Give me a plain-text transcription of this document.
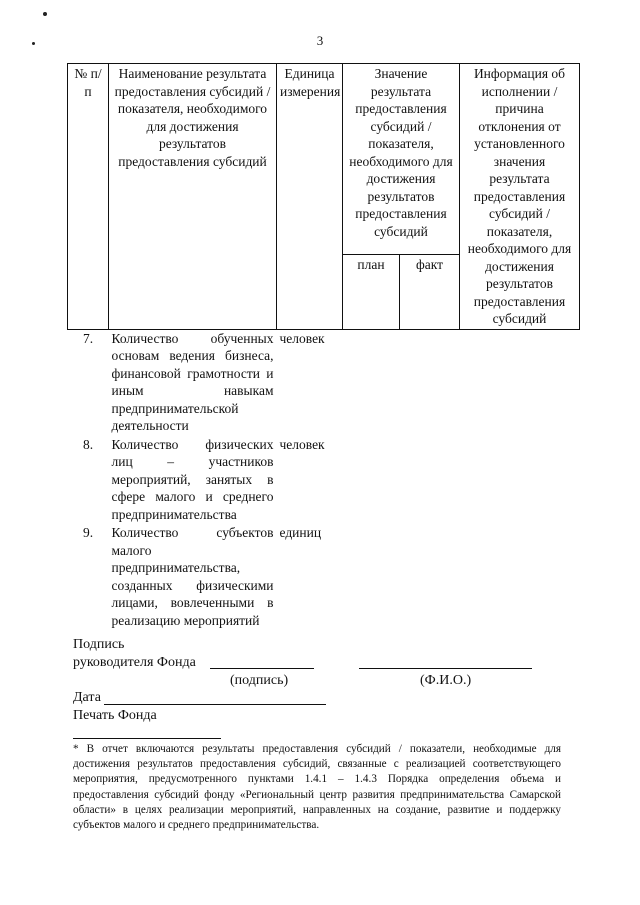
3
№ п/п	Наименование результата предоставления субсидий / показателя, необходимого для достижения результатов предоставления субсидий	Единица измерения	Значение результата предоставления субсидий / показателя, необходимого для достижения результатов предоставления субсидий		Информация об исполнении / причина отклонения от установленного значения результата предоставления субсидий / показателя, необходимого для достижения результатов предоставления субсидий
			план	факт	
7.	Количество обученных основам ведения бизнеса, финансовой грамотности и иным навыкам предпринимательской деятельности	человек			
8.	Количество физических лиц – участников мероприятий, занятых в сфере малого и среднего предпринимательства	человек			
9.	Количество субъектов малого предпринимательства, созданных физическими лицами, вовлеченными в реализацию мероприятий	единиц			
Подпись
руководителя Фонда
(подпись)	(Ф.И.О.)
Дата
Печать Фонда
* В отчет включаются результаты предоставления субсидий / показатели, необходимые для достижения результатов предоставления субсидий, связанные с реализацией соответствующего мероприятия, предусмотренного пунктами 1.4.1 – 1.4.3 Порядка определения объема и предоставления субсидий фонду «Региональный центр развития предпринимательства Самарской области» в целях реализации мероприятий, направленных на создание, развитие и поддержку субъектов малого и среднего предпринимательства.
